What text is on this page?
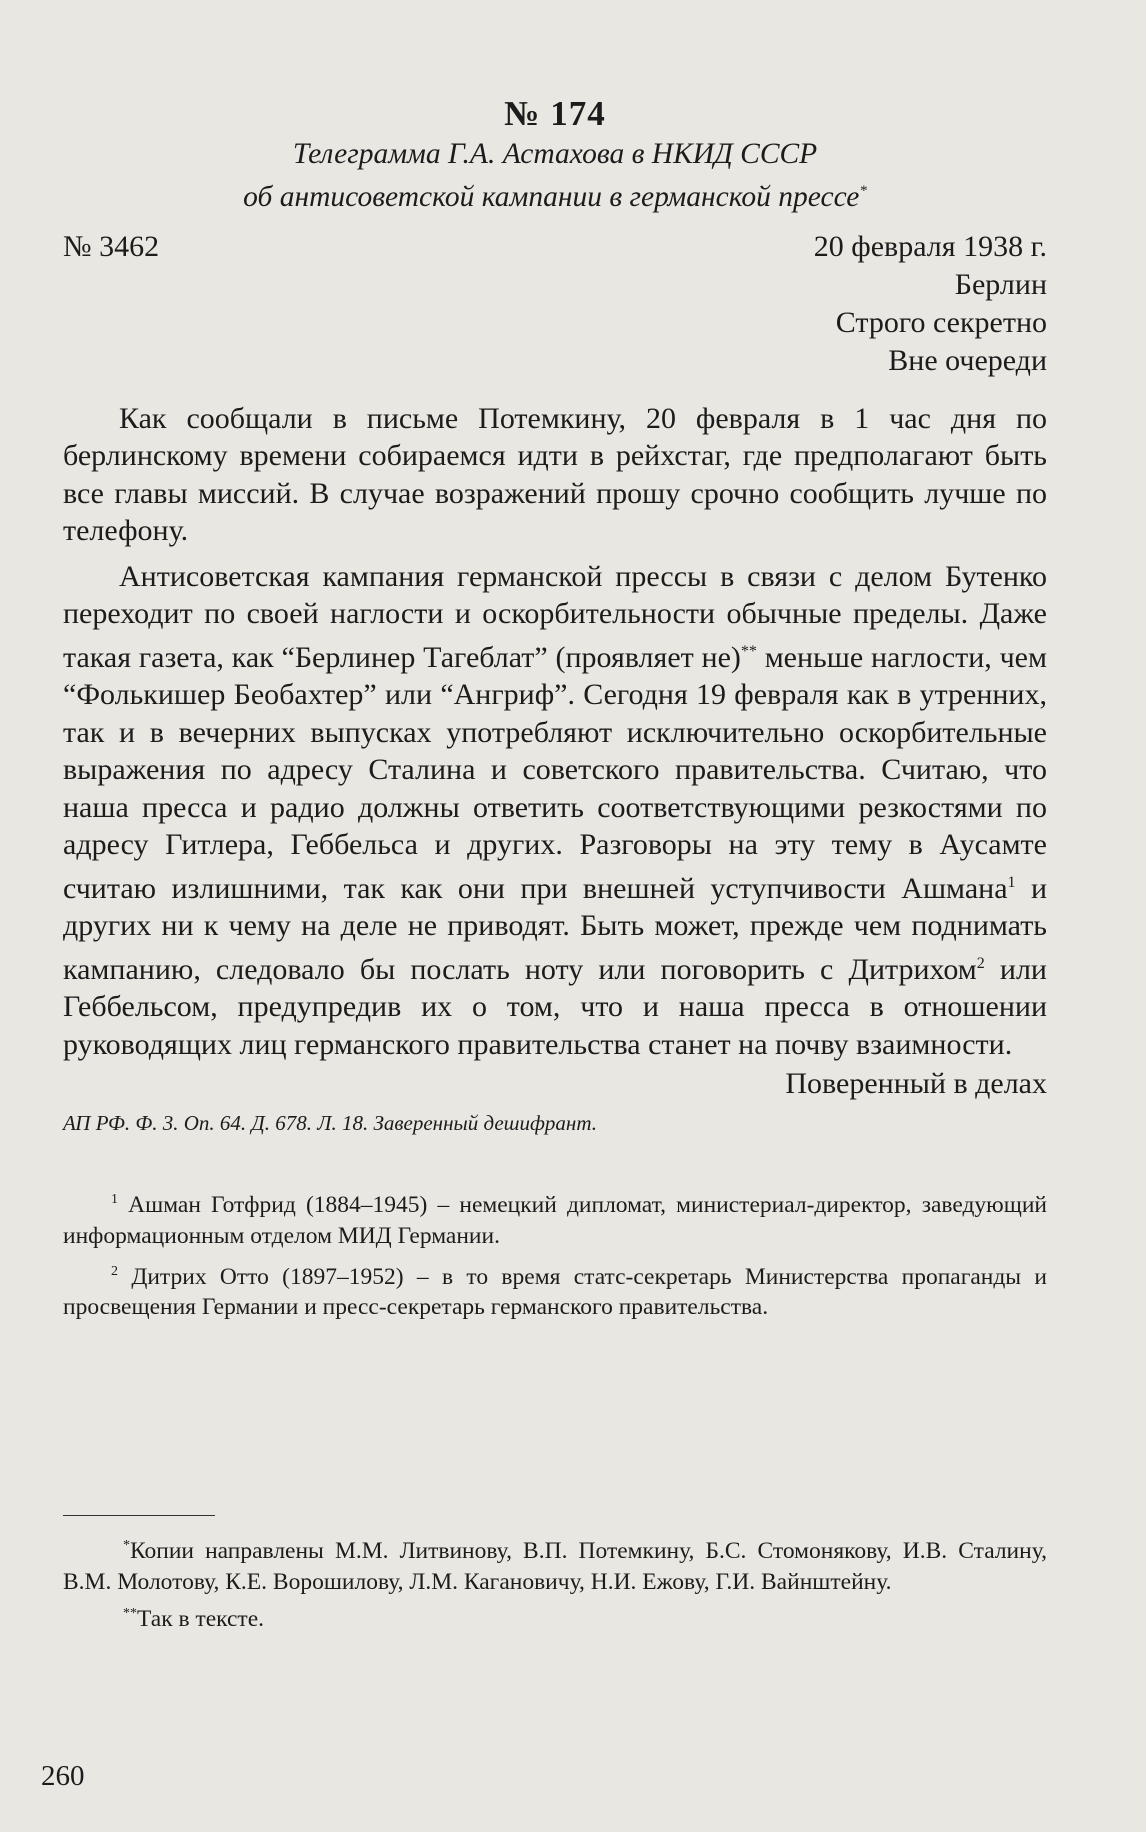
№ 174
Телеграмма Г.А. Астахова в НКИД СССР
об антисоветской кампании в германской прессе*
№ 3462	20 февраля 1938 г.
Берлин
Строго секретно
Вне очереди

Как сообщали в письме Потемкину, 20 февраля в 1 час дня по берлинскому времени собираемся идти в рейхстаг, где предполагают быть все главы миссий. В случае возражений прошу срочно сообщить лучше по телефону.

Антисоветская кампания германской прессы в связи с делом Бутенко переходит по своей наглости и оскорбительности обычные пределы. Даже такая газета, как “Берлинер Тагеблат” (проявляет не)** меньше наглости, чем “Фолькишер Беобахтер” или “Ангриф”. Сегодня 19 февраля как в утренних, так и в вечерних выпусках употребляют исключительно оскорбительные выражения по адресу Сталина и советского правительства. Считаю, что наша пресса и радио должны ответить соответствующими резкостями по адресу Гитлера, Геббельса и других. Разговоры на эту тему в Аусамте считаю излишними, так как они при внешней уступчивости Ашмана$^1$ и других ни к чему на деле не приводят. Быть может, прежде чем поднимать кампанию, следовало бы послать ноту или поговорить с Дитрихом$^2$ или Геббельсом, предупредив их о том, что и наша пресса в отношении руководящих лиц германского правительства станет на почву взаимности.

Поверенный в делах
АП РФ. Ф. 3. Оп. 64. Д. 678. Л. 18. Заверенный дешифрант.

$^1$ Ашман Готфрид (1884–1945) – немецкий дипломат, министериал-директор, заведующий информационным отделом МИД Германии.

$^2$ Дитрих Отто (1897–1952) – в то время статс-секретарь Министерства пропаганды и просвещения Германии и пресс-секретарь германского правительства.

*Копии направлены М.М. Литвинову, В.П. Потемкину, Б.С. Стомонякову, И.В. Сталину, В.М. Молотову, К.Е. Ворошилову, Л.М. Кагановичу, Н.И. Ежову, Г.И. Вайнштейну.

**Так в тексте.

260
